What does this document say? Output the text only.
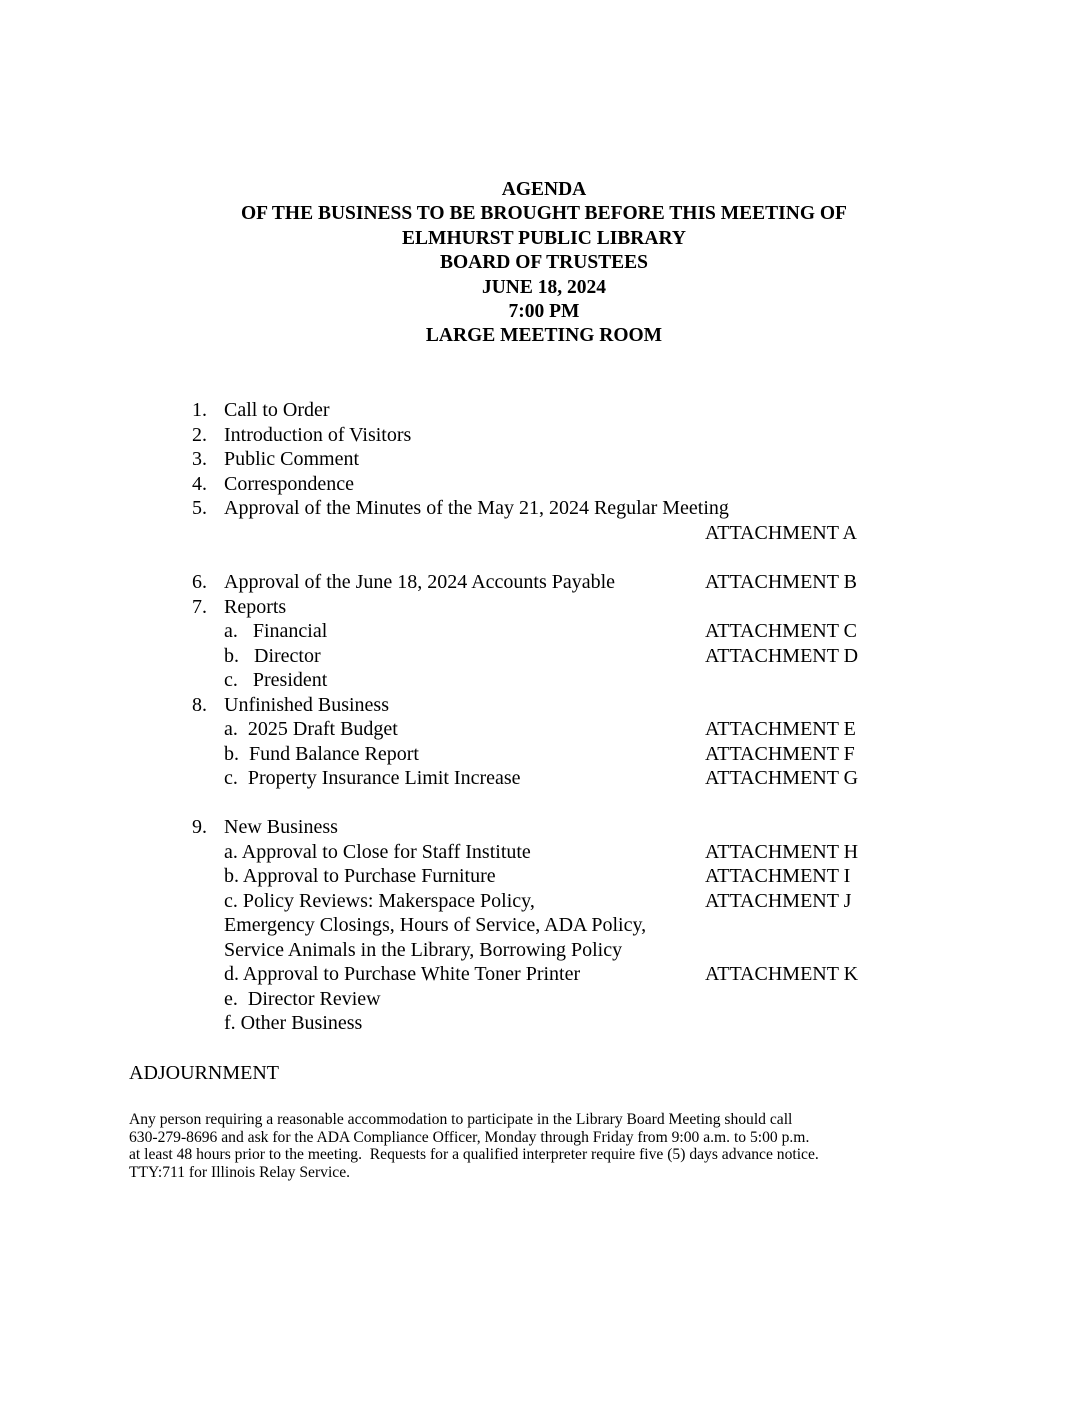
AGENDA
OF THE BUSINESS TO BE BROUGHT BEFORE THIS MEETING OF
ELMHURST PUBLIC LIBRARY
BOARD OF TRUSTEES
JUNE 18, 2024
7:00 PM
LARGE MEETING ROOM
1. Call to Order
2. Introduction of Visitors
3. Public Comment
4. Correspondence
5. Approval of the Minutes of the May 21, 2024 Regular Meeting
ATTACHMENT A
6. Approval of the June 18, 2024 Accounts Payable	ATTACHMENT B
7. Reports
a.   Financial	ATTACHMENT C
b.   Director	ATTACHMENT D
c.   President
8. Unfinished Business
a.  2025 Draft Budget	ATTACHMENT E
b.  Fund Balance Report	ATTACHMENT F
c.  Property Insurance Limit Increase	ATTACHMENT G
9. New Business
a. Approval to Close for Staff Institute	ATTACHMENT H
b. Approval to Purchase Furniture	ATTACHMENT I
c. Policy Reviews: Makerspace Policy,	ATTACHMENT J
Emergency Closings, Hours of Service, ADA Policy,
Service Animals in the Library, Borrowing Policy
d. Approval to Purchase White Toner Printer	ATTACHMENT K
e.  Director Review
f. Other Business
ADJOURNMENT
Any person requiring a reasonable accommodation to participate in the Library Board Meeting should call
630-279-8696 and ask for the ADA Compliance Officer, Monday through Friday from 9:00 a.m. to 5:00 p.m.
at least 48 hours prior to the meeting.  Requests for a qualified interpreter require five (5) days advance notice.
TTY:711 for Illinois Relay Service.
